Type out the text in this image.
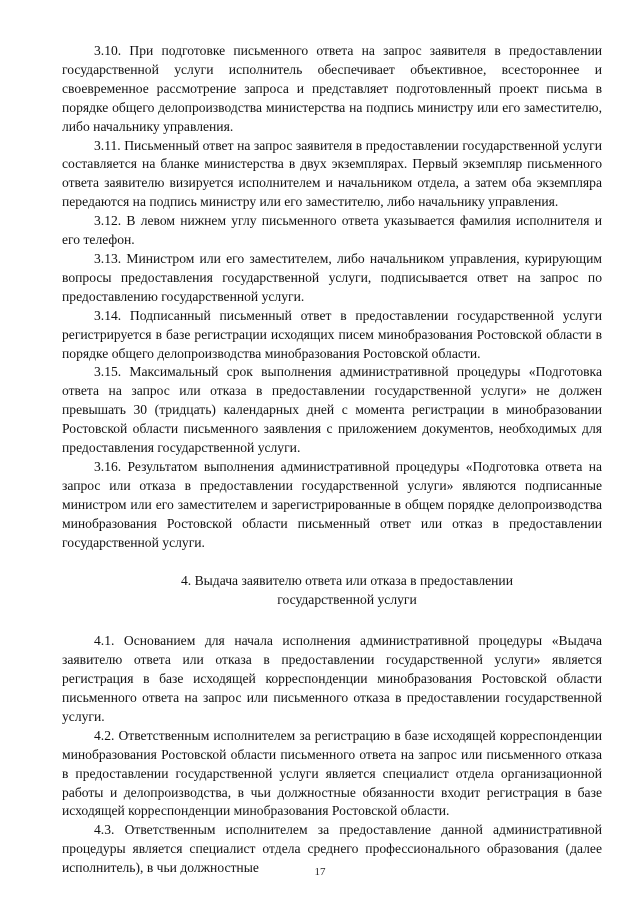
3.10. При подготовке письменного ответа на запрос заявителя в предоставлении государственной услуги исполнитель обеспечивает объективное, всестороннее и своевременное рассмотрение запроса и представляет подготовленный проект письма в порядке общего делопроизводства министерства на подпись министру или его заместителю, либо начальнику управления.

3.11. Письменный ответ на запрос заявителя в предоставлении государственной услуги составляется на бланке министерства в двух экземплярах. Первый экземпляр письменного ответа заявителю визируется исполнителем и начальником отдела, а затем оба экземпляра передаются на подпись министру или его заместителю, либо начальнику управления.

3.12. В левом нижнем углу письменного ответа указывается фамилия исполнителя и его телефон.

3.13. Министром или его заместителем, либо начальником управления, курирующим вопросы предоставления государственной услуги, подписывается ответ на запрос по предоставлению государственной услуги.

3.14. Подписанный письменный ответ в предоставлении государственной услуги регистрируется в базе регистрации исходящих писем минобразования Ростовской области в порядке общего делопроизводства минобразования Ростовской области.

3.15. Максимальный срок выполнения административной процедуры «Подготовка ответа на запрос или отказа в предоставлении государственной услуги» не должен превышать 30 (тридцать) календарных дней с момента регистрации в минобразовании Ростовской области письменного заявления с приложением документов, необходимых для предоставления государственной услуги.

3.16. Результатом выполнения административной процедуры «Подготовка ответа на запрос или отказа в предоставлении государственной услуги» являются подписанные министром или его заместителем и зарегистрированные в общем порядке делопроизводства минобразования Ростовской области письменный ответ или отказ в предоставлении государственной услуги.

4. Выдача заявителю ответа или отказа в предоставлении
государственной услуги

4.1. Основанием для начала исполнения административной процедуры «Выдача заявителю ответа или отказа в предоставлении государственной услуги» является регистрация в базе исходящей корреспонденции минобразования Ростовской области письменного ответа на запрос или письменного отказа в предоставлении государственной услуги.

4.2. Ответственным исполнителем за регистрацию в базе исходящей корреспонденции минобразования Ростовской области письменного ответа на запрос или письменного отказа в предоставлении государственной услуги является специалист отдела организационной работы и делопроизводства, в чьи должностные обязанности входит регистрация в базе исходящей корреспонденции минобразования Ростовской области.

4.3. Ответственным исполнителем за предоставление данной административной процедуры является специалист отдела среднего профессионального образования (далее исполнитель), в чьи должностные	17
